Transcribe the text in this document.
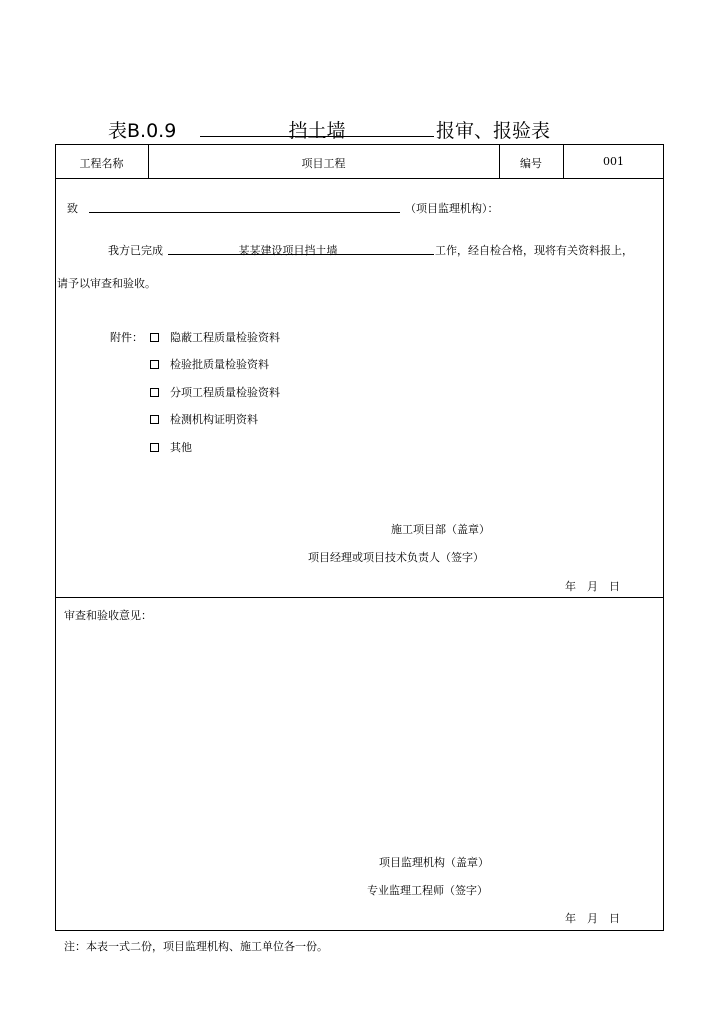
表B.0.9	挡土墙	报审、报验表
工程名称	项目工程	编号	001
致	（项目监理机构）：
我方已完成	某某建设项目挡土墙	工作，经自检合格，现将有关资料报上，
请予以审查和验收。
附件： 隐蔽工程质量检验资料
检验批质量检验资料
分项工程质量检验资料
检测机构证明资料
其他
施工项目部（盖章）
项目经理或项目技术负责人（签字）
年　月　日
审查和验收意见：
项目监理机构（盖章）
专业监理工程师（签字）
年　月　日
注：本表一式二份，项目监理机构、施工单位各一份。
